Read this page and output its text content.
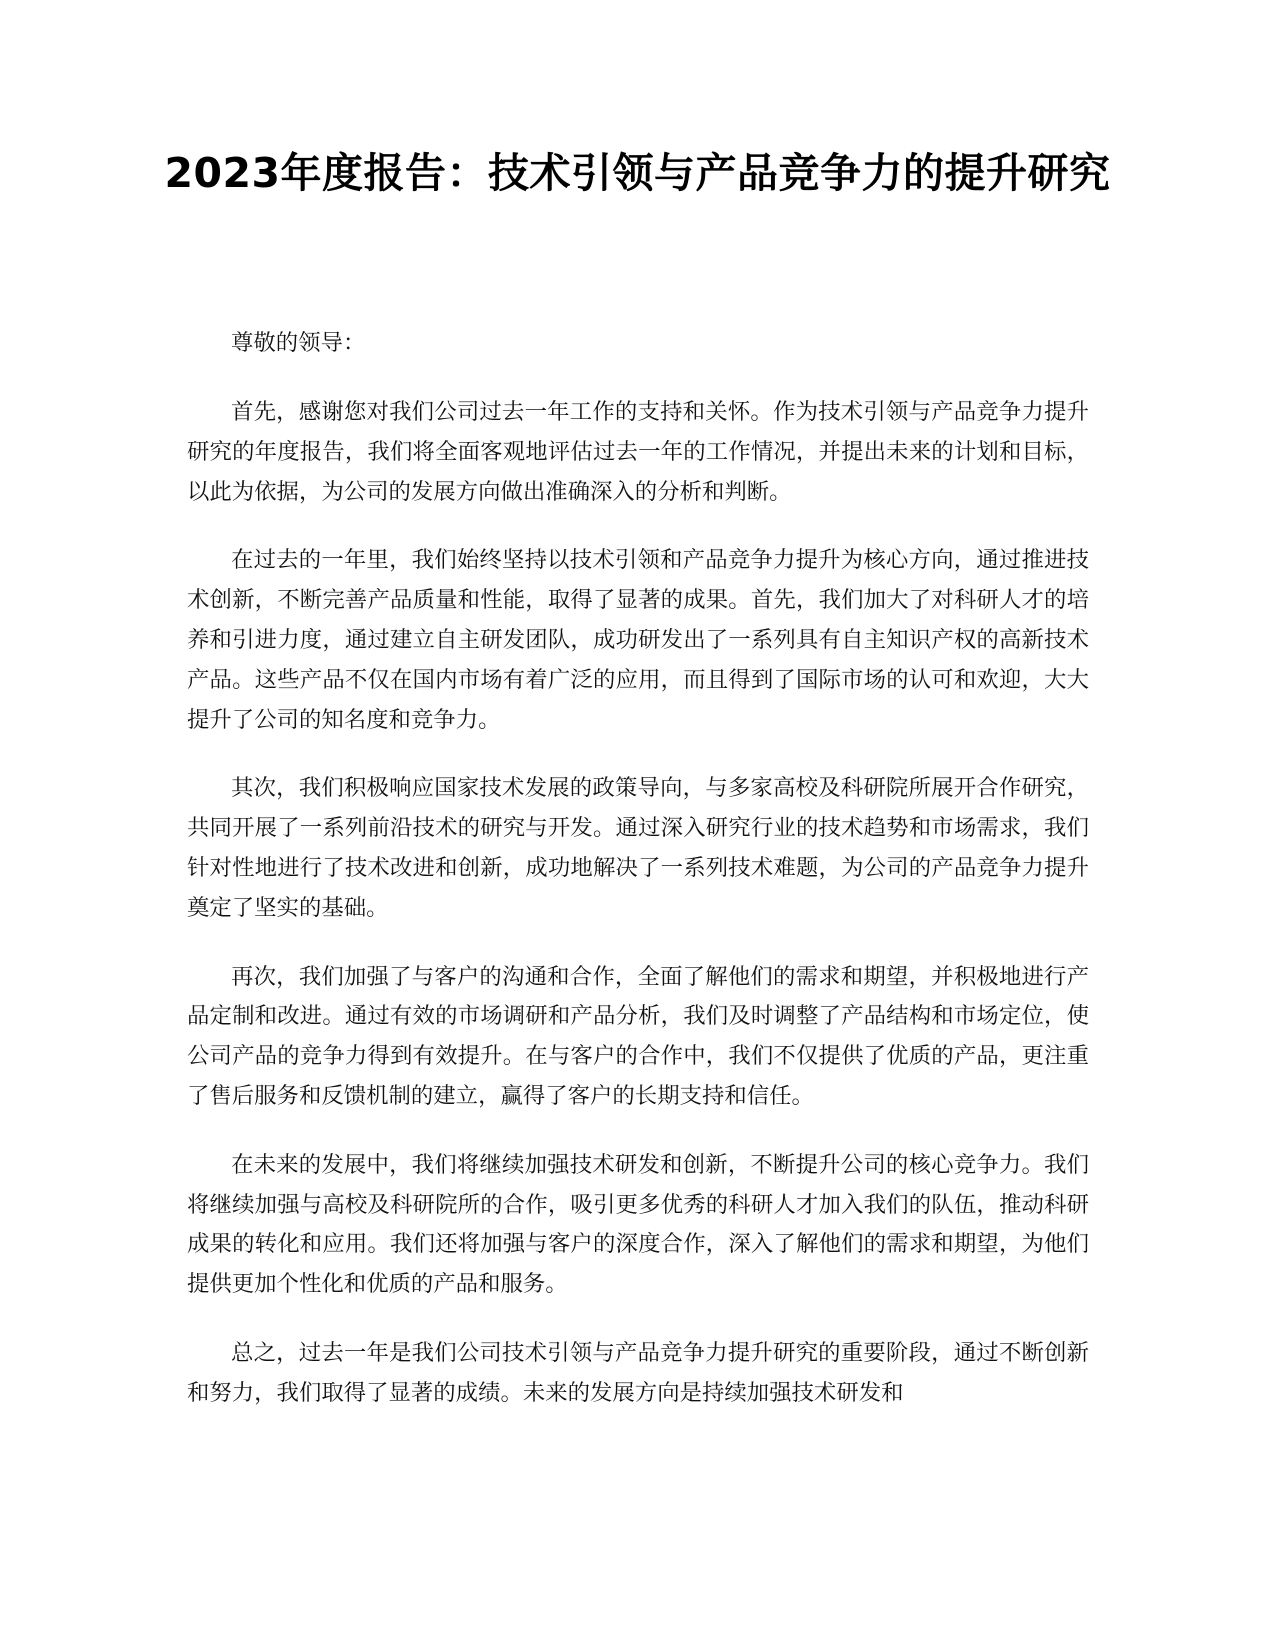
2023年度报告：技术引领与产品竞争力的提升研究

尊敬的领导：

首先，感谢您对我们公司过去一年工作的支持和关怀。作为技术引领与产品竞争力提升研究的年度报告，我们将全面客观地评估过去一年的工作情况，并提出未来的计划和目标，以此为依据，为公司的发展方向做出准确深入的分析和判断。

在过去的一年里，我们始终坚持以技术引领和产品竞争力提升为核心方向，通过推进技术创新，不断完善产品质量和性能，取得了显著的成果。首先，我们加大了对科研人才的培养和引进力度，通过建立自主研发团队，成功研发出了一系列具有自主知识产权的高新技术产品。这些产品不仅在国内市场有着广泛的应用，而且得到了国际市场的认可和欢迎，大大提升了公司的知名度和竞争力。

其次，我们积极响应国家技术发展的政策导向，与多家高校及科研院所展开合作研究，共同开展了一系列前沿技术的研究与开发。通过深入研究行业的技术趋势和市场需求，我们针对性地进行了技术改进和创新，成功地解决了一系列技术难题，为公司的产品竞争力提升奠定了坚实的基础。

再次，我们加强了与客户的沟通和合作，全面了解他们的需求和期望，并积极地进行产品定制和改进。通过有效的市场调研和产品分析，我们及时调整了产品结构和市场定位，使公司产品的竞争力得到有效提升。在与客户的合作中，我们不仅提供了优质的产品，更注重了售后服务和反馈机制的建立，赢得了客户的长期支持和信任。

在未来的发展中，我们将继续加强技术研发和创新，不断提升公司的核心竞争力。我们将继续加强与高校及科研院所的合作，吸引更多优秀的科研人才加入我们的队伍，推动科研成果的转化和应用。我们还将加强与客户的深度合作，深入了解他们的需求和期望，为他们提供更加个性化和优质的产品和服务。

总之，过去一年是我们公司技术引领与产品竞争力提升研究的重要阶段，通过不断创新和努力，我们取得了显著的成绩。未来的发展方向是持续加强技术研发和
